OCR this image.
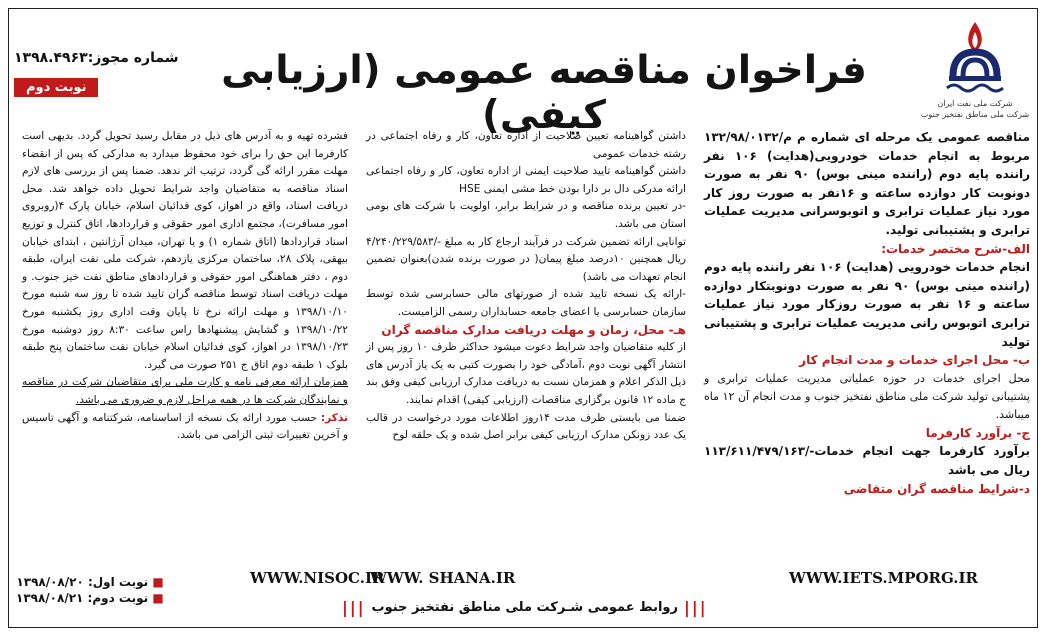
شرکت ملی نفت ایران
شرکت ملی مناطق نفتخیز جنوب
فراخوان مناقصه عمومی (ارزیابی کیفی)
شماره مجوز:۱۳۹۸.۴۹۶۳
نوبت دوم

مناقصه عمومی یک مرحله ای شماره م م/۱۳۲/۹۸/۰۱۳۲ مربوط به انجام خدمات خودرویی(هدایت) ۱۰۶ نفر راننده پایه دوم (راننده مینی بوس) ۹۰ نفر به صورت دونوبت کار دوازده ساعته و ۱۶نفر به صورت روز کار مورد نیاز عملیات ترابری و اتوبوسرانی مدیریت عملیات ترابری و پشتیبانی تولید.

الف-شرح مختصر خدمات:

انجام خدمات خودرویی (هدایت) ۱۰۶ نفر راننده پایه دوم (راننده مینی بوس) ۹۰ نفر به صورت دونوبتکار دوازده ساعته و ۱۶ نفر به صورت روزکار مورد نیاز عملیات ترابری اتوبوس رانی مدیریت عملیات ترابری و پشتیبانی تولید

ب- محل اجرای خدمات و مدت انجام کار

محل اجرای خدمات در حوزه عملیاتی مدیریت عملیات ترابری و پشتیبانی تولید شرکت ملی مناطق نفتخیز جنوب و مدت انجام آن ۱۲ ماه میباشد.

ج- برآورد کارفرما

برآورد کارفرما جهت انجام خدمات-/۱۱۳/۶۱۱/۴۷۹/۱۶۳ ریال می باشد

د-شرایط مناقصه گران متقاضی

داشتن گواهینامه تعیین صلاحیت از اداره تعاون، کار و رفاه اجتماعی در رشته خدمات عمومی

داشتن گواهینامه تایید صلاحیت ایمنی از اداره تعاون، کار و رفاه اجتماعی ارائه مدرکی دال بر دارا بودن خط مشی ایمنی HSE

-در تعیین برنده مناقصه و در شرایط برابر، اولویت با شرکت های بومی استان می باشد.

توانایی ارائه تضمین شرکت در فرآیند ارجاع کار به مبلغ -/۴/۲۴۰/۲۲۹/۵۸۳ ریال همچنین ۱۰درصد مبلغ پیمان( در صورت برنده شدن)بعنوان تضمین انجام تعهدات می باشد)

-ارائه یک نسخه تایید شده از صورتهای مالی حسابرسی شده توسط سازمان حسابرسی یا اعضای جامعه حسابداران رسمی الزامیست.

هـ- محل، زمان و مهلت دریافت مدارک مناقصه گران

از کلیه متقاضیان واجد شرایط دعوت میشود حداکثر ظرف ۱۰ روز پس از انتشار آگهی نوبت دوم ،آمادگی خود را بصورت کتبی به یک یاز آدرس های ذیل الذکر اعلام و همزمان نسبت به دریافت مدارک ارزیابی کیفی وفق بند ج ماده ۱۲ قانون برگزاری مناقصات (ارزیابی کیفی) اقدام نمایند.

ضمنا می بایستی ظرف مدت ۱۴روز اطلاعات مورد درخواست در قالب یک عدد زونکن مدارک ارزیابی کیفی برابر اصل شده و یک حلقه لوح

فشرده تهیه و به آدرس های ذیل در مقابل رسید تحویل گردد. بدیهی است کارفرما این حق را برای خود محفوظ میدارد به مدارکی که پس از انقضاء مهلت مقرر ارائه گی گردد، ترتیب اثر ندهد. ضمنا پس از بررسی های لازم اسناد مناقصه به متقاضیان واجد شرایط تحویل داده خواهد شد. محل دریافت اسناد، واقع در اهواز، کوی فدائیان اسلام، خیابان پارک ۴(روبروی امور مسافرت)، مجتمع اداری امور حقوقی و قراردادها، اتاق کنترل و توزیع اسناد قراردادها (اتاق شماره ۱) و یا تهران، میدان آرژانتین ، ابتدای خیابان بیهقی، پلاک ۲۸، ساختمان مرکزی یازدهم، شرکت ملی نفت ایران، طبقه دوم ، دفتر هماهنگی امور حقوقی و قراردادهای مناطق نفت خیز جنوب. و مهلت دریافت اسناد توسط مناقصه گران تایید شده تا روز سه شنبه مورخ ۱۳۹۸/۱۰/۱۰ و مهلت ارائه نرخ تا پایان وقت اداری روز یکشنبه مورخ ۱۳۹۸/۱۰/۲۲ و گشایش پیشنهادها راس ساعت ۸:۳۰ روز دوشنبه مورخ ۱۳۹۸/۱۰/۲۳ در اهواز، کوی فدائیان اسلام خیابان نفت ساختمان پنج طبقه بلوک ۱ طبقه دوم اتاق ج ۲۵۱ صورت می گیرد.

همزمان ارائه معرفی نامه و کارت ملی برای متقاضیان شرکت در مناقصه و نمایندگان شرکت ها در همه مراحل لازم و ضروری می باشد.

تذکر: حسب مورد ارائه یک نسخه از اساسنامه، شرکتنامه و آگهی تاسیس و آخرین تغییرات ثبتی الزامی می باشد.

WWW.IETS.MPORG.IR
WWW. SHANA.IR
WWW.NISOC.IR
■ نوبت اول: ۱۳۹۸/۰۸/۲۰
■ نوبت دوم: ۱۳۹۸/۰۸/۲۱	|||
روابط عمومی شـرکت ملی مناطق نفتخیز جنوب
|||
